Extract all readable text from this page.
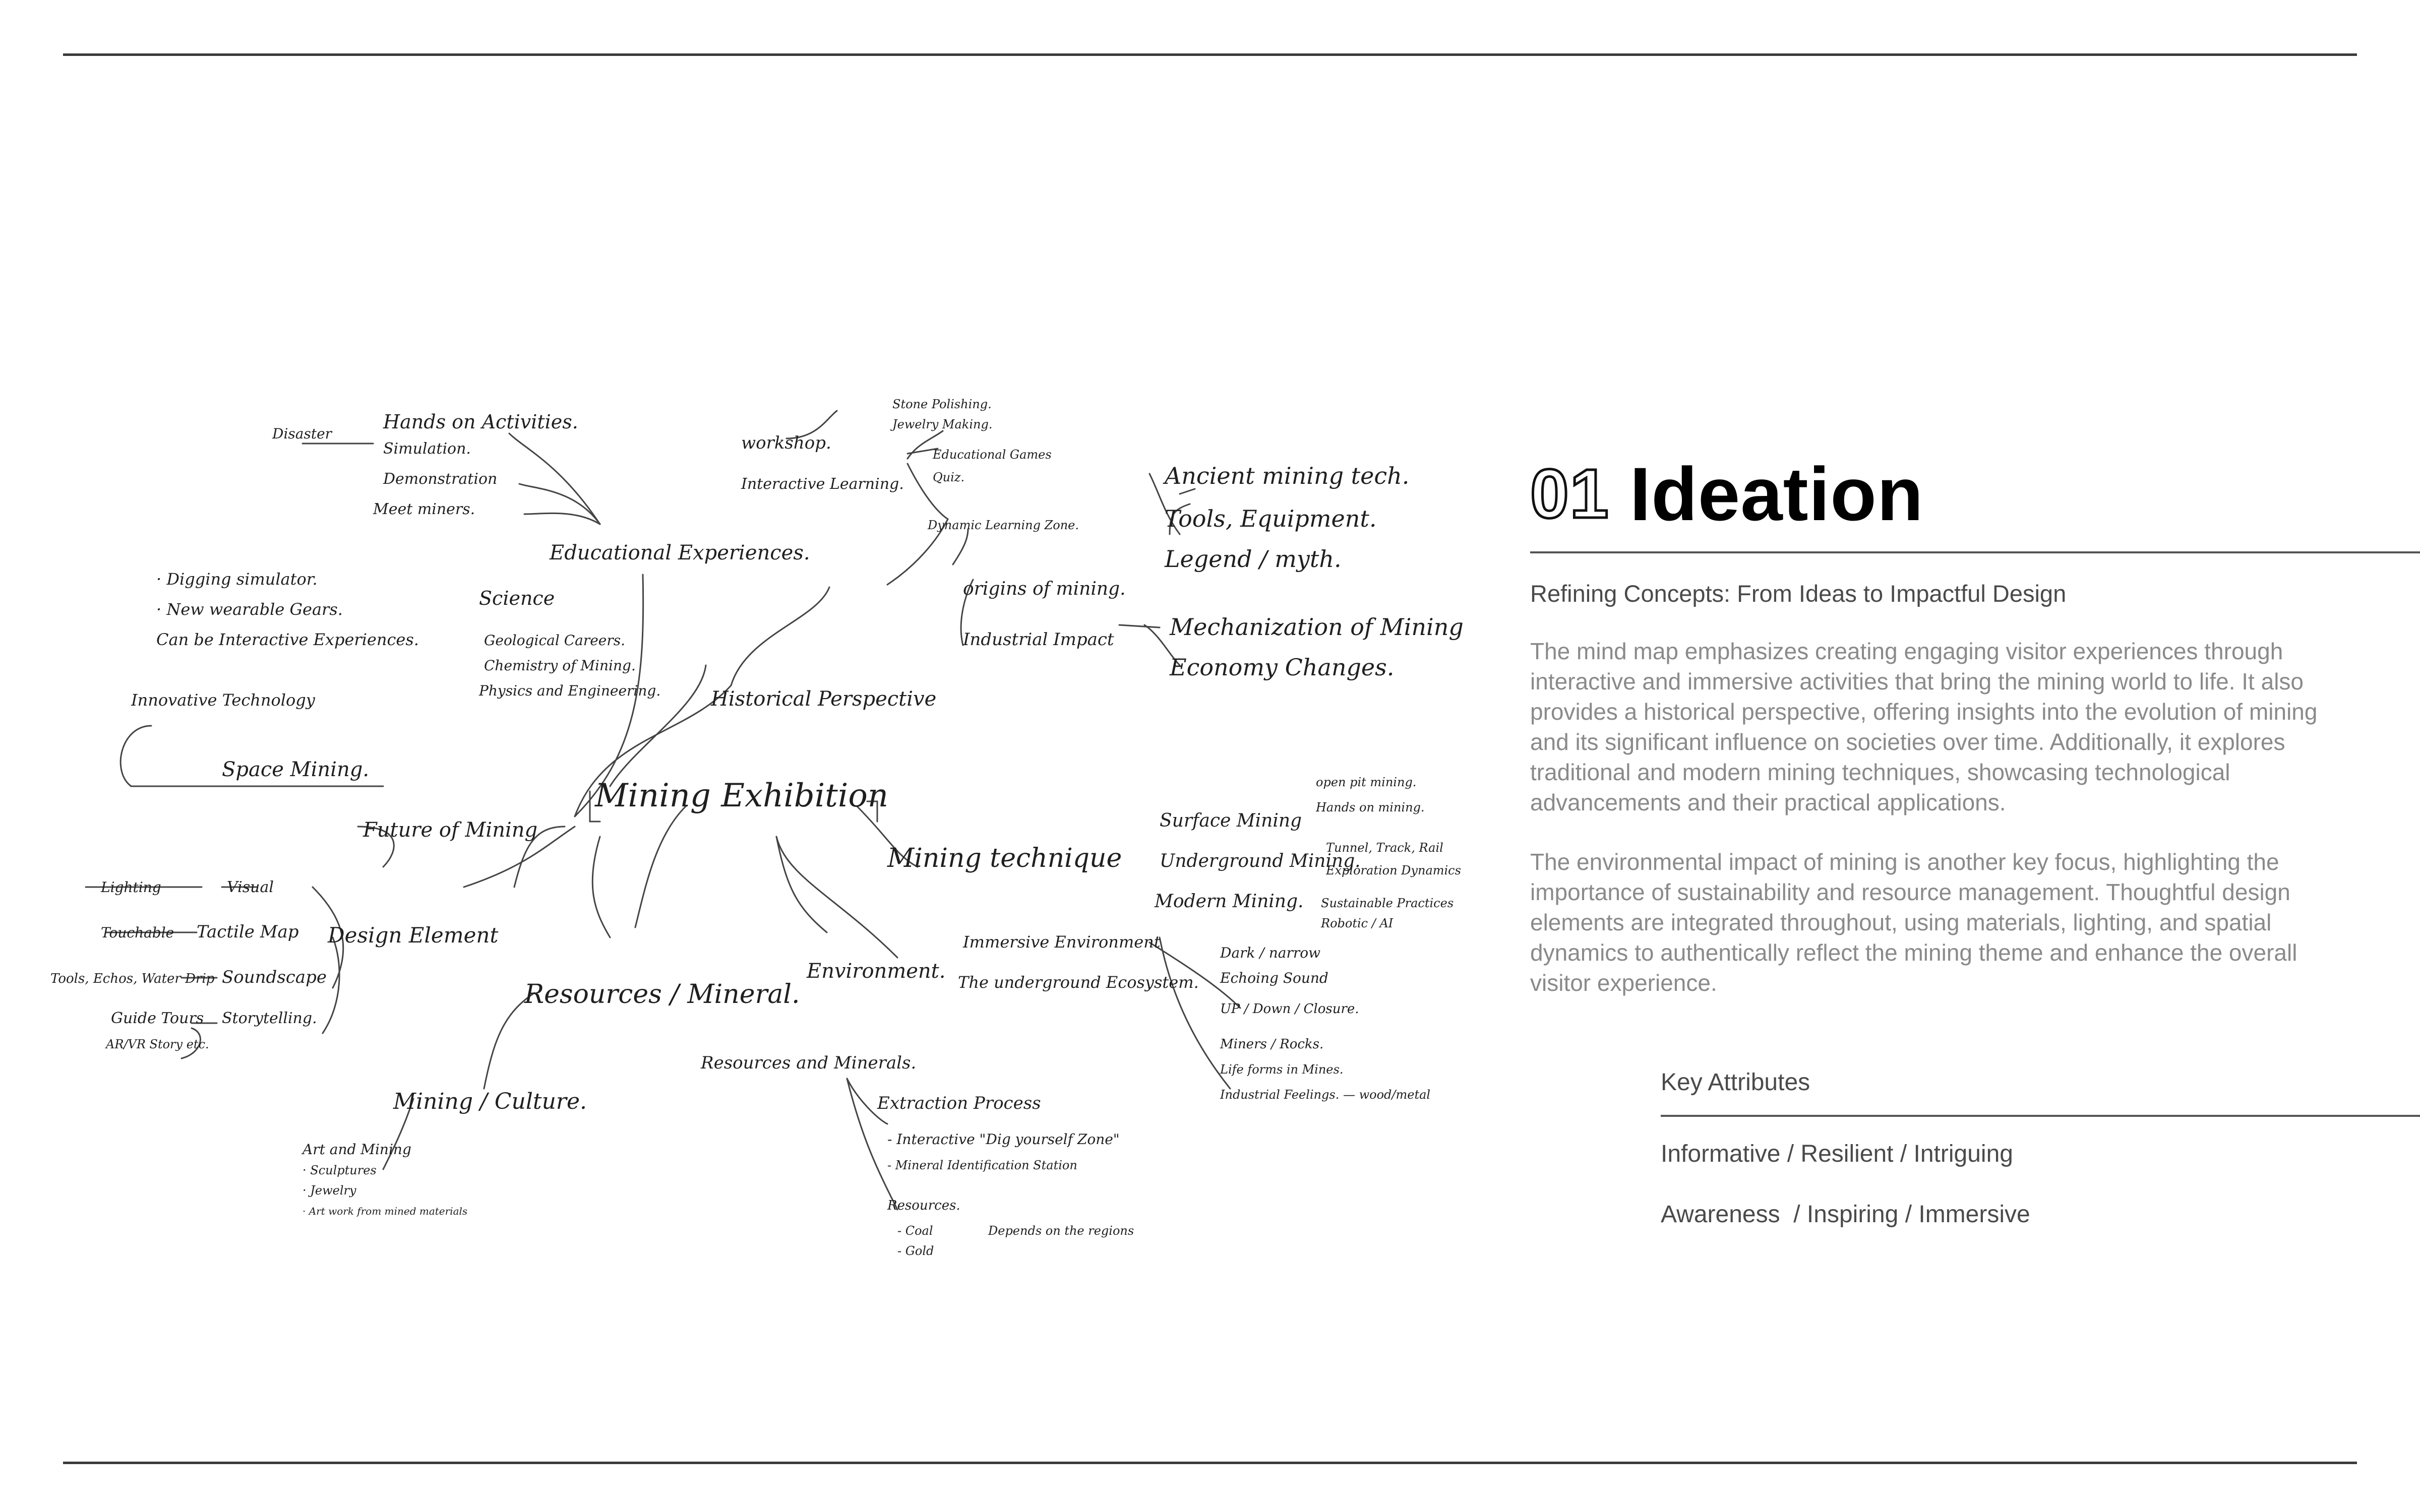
Mining Exhibition
Educational Experiences.
Hands on Activities.
Disaster
Simulation.
Demonstration
Meet miners.
Science
Geological Careers.
Chemistry of Mining.
Physics and Engineering.
workshop.
Stone Polishing.
Jewelry Making.
Interactive Learning.
Educational Games
Quiz.
Dynamic Learning Zone.
Historical Perspective
origins of mining.
Ancient mining tech.
Tools, Equipment.
Legend / myth.
Industrial Impact Mechanization of Mining
Economy Changes.
Future of Mining
Space Mining.
Innovative Technology
· Digging simulator.
· New wearable Gears.
Can be Interactive Experiences.
Mining technique
Surface Mining
open pit mining.
Hands on mining.
Underground Mining.
Tunnel, Track, Rail
Exploration Dynamics
Modern Mining. Sustainable Practices
Robotic / AI
Design Element
Lighting	Visual
Touchable Tactile Map
Tools, Echos, Water Drip Soundscape
Guide Tours Storytelling.
AR/VR Story etc.
Environment.
Immersive Environment
The underground Ecosystem.
Dark / narrow
Echoing Sound
UP / Down / Closure.
Miners / Rocks.
Life forms in Mines.
Industrial Feelings. — wood/metal
Resources / Mineral.
Mining / Culture.
Art and Mining
· Sculptures
· Jewelry
· Art work from mined materials
Resources and Minerals.
Extraction Process
- Interactive "Dig yourself Zone"
- Mineral Identification Station
Resources.
- Coal
- Gold
Depends on the regions
01 Ideation
Refining Concepts: From Ideas to Impactful Design
The mind map emphasizes creating engaging visitor experiences through interactive and immersive activities that bring the mining world to life. It also provides a historical perspective, offering insights into the evolution of mining and its significant influence on societies over time. Additionally, it explores traditional and modern mining techniques, showcasing technological advancements and their practical applications.
The environmental impact of mining is another key focus, highlighting the importance of sustainability and resource management. Thoughtful design elements are integrated throughout, using materials, lighting, and spatial dynamics to authentically reflect the mining theme and enhance the overall visitor experience.
Key Attributes
Informative / Resilient / Intriguing
Awareness  / Inspiring / Immersive
